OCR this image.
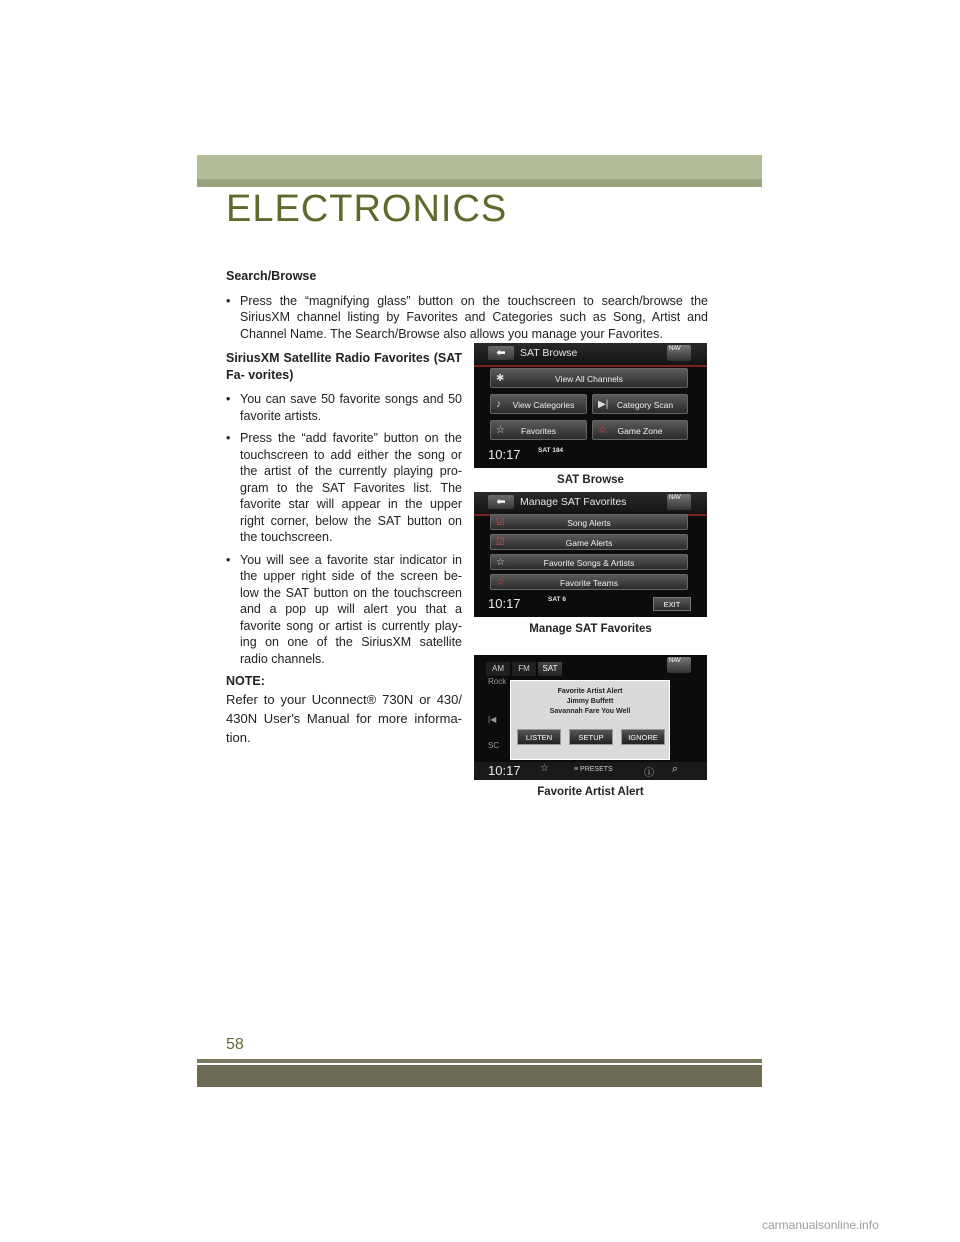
ELECTRONICS
Search/Browse
• Press the “magnifying glass” button on the touchscreen to search/browse the SiriusXM channel listing by Favorites and Categories such as Song, Artist and Channel Name. The Search/Browse also allows you manage your Favorites.
SiriusXM Satellite Radio Favorites (SAT Fa- vorites)
• You can save 50 favorite songs and 50 favorite artists.
• Press the “add favorite” button on the touchscreen to add either the song or the artist of the currently playing pro- gram to the SAT Favorites list. The favorite star will appear in the upper right corner, below the SAT button on the touchscreen.
• You will see a favorite star indicator in the upper right side of the screen be- low the SAT button on the touchscreen and a pop up will alert you that a favorite song or artist is currently play- ing on one of the SiriusXM satellite radio channels.
NOTE:
Refer to your Uconnect® 730N or 430/ 430N User's Manual for more informa- tion.
⬅	SAT Browse	NAV
✱	View All Channels
♪ View Categories	▶| Category Scan
☆ Favorites	☆ Game Zone
10:17	SAT 184
SAT Browse
⬅	Manage SAT Favorites	NAV
☑	Song Alerts
☑	Game Alerts
☆	Favorite Songs & Artists
☆	Favorite Teams
10:17	SAT 6
EXIT
Manage SAT Favorites
AM FM SAT
NAV
Rock
|◀
SC
Favorite Artist Alert
Jimmy Buffett
Savannah Fare You Well
LISTEN	SETUP	IGNORE
10:17 ☆	≡ PRESETS	ⓘ ⌕
Favorite Artist Alert
58
carmanualsonline.info
